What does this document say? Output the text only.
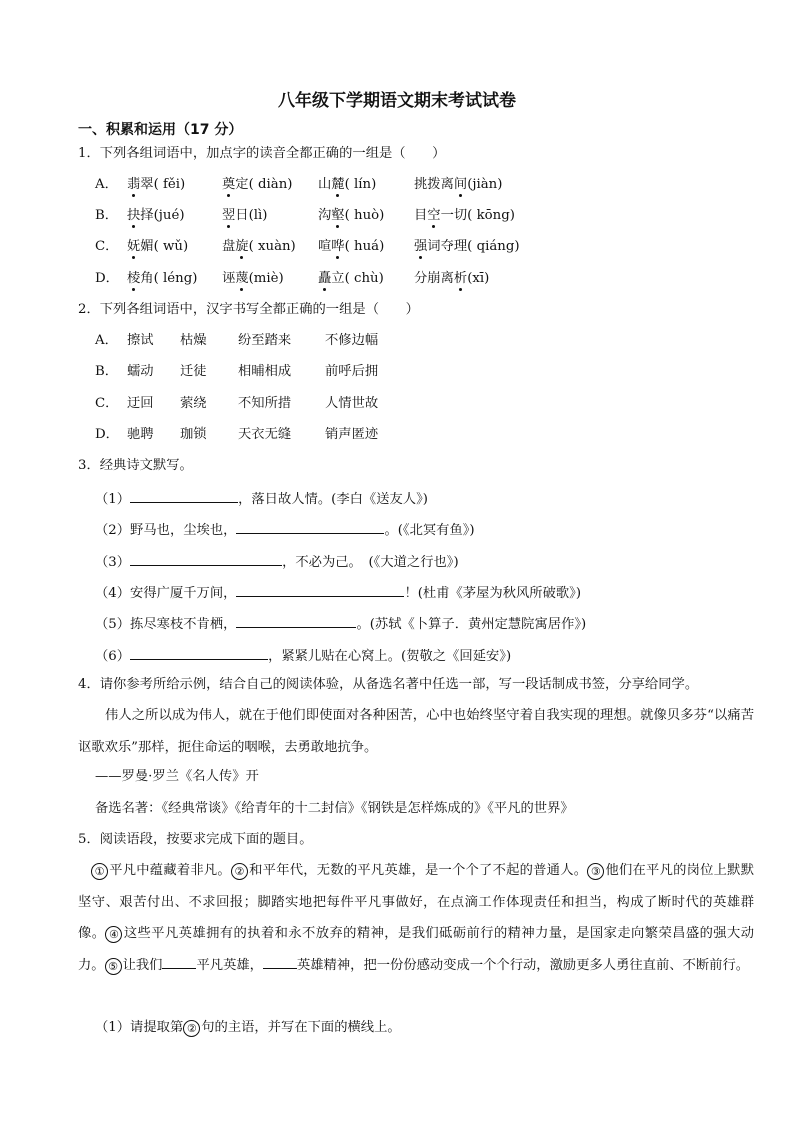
八年级下学期语文期末考试试卷
一、积累和运用（17 分）
1．下列各组词语中，加点字的读音全都正确的一组是（　　）
A． 翡翠( fěi)	奠定( diàn) 山麓( lín)	挑拨离间(jiàn)
B． 抉择(jué)	翌日(lì)	沟壑( huò) 目空一切( kōng)
C． 妩媚( wǔ)	盘旋( xuàn) 喧哗( huá) 强词夺理( qiáng)
D． 棱角( léng) 诬蔑(miè)	矗立( chù) 分崩离析(xī)
2．下列各组词语中，汉字书写全都正确的一组是（　　）
A． 擦试 枯燥 纷至踏来	不修边幅
B． 蠕动 迁徒 相晡相成	前呼后拥
C． 迂回 萦绕 不知所措	人情世故
D． 驰聘 珈锁 天衣无缝	销声匿迹
3．经典诗文默写。
（1）	，落日故人情。(李白《送友人》)
（2）野马也，尘埃也，	。(《北冥有鱼》)
（3）	，不必为己。　(《大道之行也》)
（4）安得广厦千万间，	！(杜甫《茅屋为秋风所破歌》)
（5）拣尽寒枝不肯栖，	。(苏轼《卜算子．黄州定慧院寓居作》)
（6）	，紧紧儿贴在心窝上。(贺敬之《回延安》)
4．请你参考所给示例，结合自己的阅读体验，从备选名著中任选一部，写一段话制成书签，分享给同学。
伟人之所以成为伟人，就在于他们即使面对各种困苦，心中也始终坚守着自我实现的理想。就像贝多芬“以痛苦讴歌欢乐”那样，扼住命运的咽喉，去勇敢地抗争。
——罗曼·罗兰《名人传》开
备选名著：《经典常谈》《给青年的十二封信》《钢铁是怎样炼成的》《平凡的世界》
5．阅读语段，按要求完成下面的题目。
① 平凡中蕴藏着非凡。 ② 和平年代，无数的平凡英雄，是一个个了不起的普通人。 ③ 他们在平凡的岗位上默默坚守、艰苦付出、不求回报；脚踏实地把每件平凡事做好，在点滴工作体现责任和担当，构成了断时代的英雄群像。 ④ 这些平凡英雄拥有的执着和永不放弃的精神，是我们砥砺前行的精神力量，是国家走向繁荣昌盛的强大动力。 ⑤ 让我们	平凡英雄，	英雄精神，把一份份感动变成一个个行动，激励更多人勇往直前、不断前行。
（1）请提取第 ② 句的主语，并写在下面的横线上。
